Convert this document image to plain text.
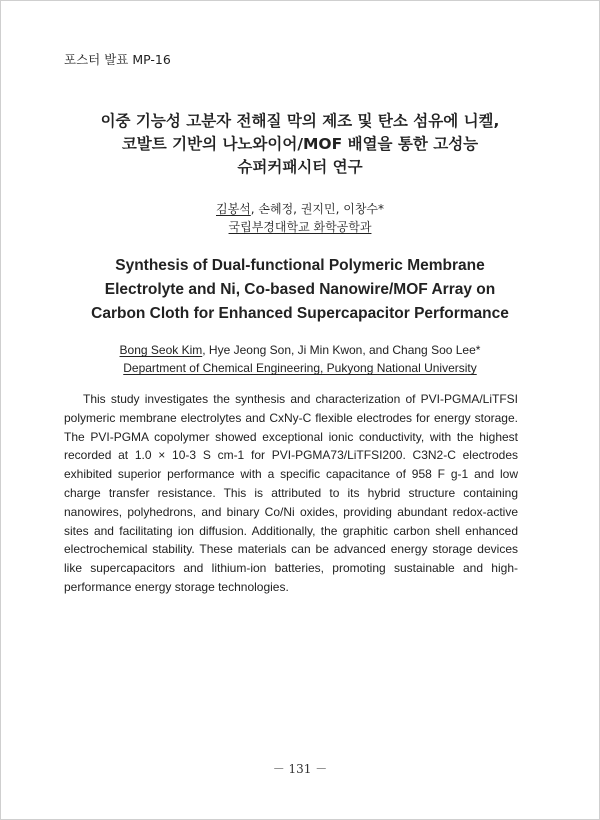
포스터 발표 MP-16
이중 기능성 고분자 전해질 막의 제조 및 탄소 섬유에 니켈,
코발트 기반의 나노와이어/MOF 배열을 통한 고성능
슈퍼커패시터 연구
김봉석, 손혜정, 권지민, 이창수*
국립부경대학교 화학공학과
Synthesis of Dual-functional Polymeric Membrane
Electrolyte and Ni, Co-based Nanowire/MOF Array on
Carbon Cloth for Enhanced Supercapacitor Performance
Bong Seok Kim, Hye Jeong Son, Ji Min Kwon, and Chang Soo Lee*
Department of Chemical Engineering, Pukyong National University

This study investigates the synthesis and characterization of PVI-PGMA/LiTFSI polymeric membrane electrolytes and CxNy-C flexible electrodes for energy storage. The PVI-PGMA copolymer showed exceptional ionic conductivity, with the highest recorded at 1.0 × 10-3 S cm-1 for PVI-PGMA73/LiTFSI200. C3N2-C electrodes exhibited superior performance with a specific capacitance of 958 F g-1 and low charge transfer resistance. This is attributed to its hybrid structure containing nanowires, polyhedrons, and binary Co/Ni oxides, providing abundant redox-active sites and facilitating ion diffusion. Additionally, the graphitic carbon shell enhanced electrochemical stability. These materials can be advanced energy storage devices like supercapacitors and lithium-ion batteries, promoting sustainable and high-performance energy storage technologies.

－ 131 －
